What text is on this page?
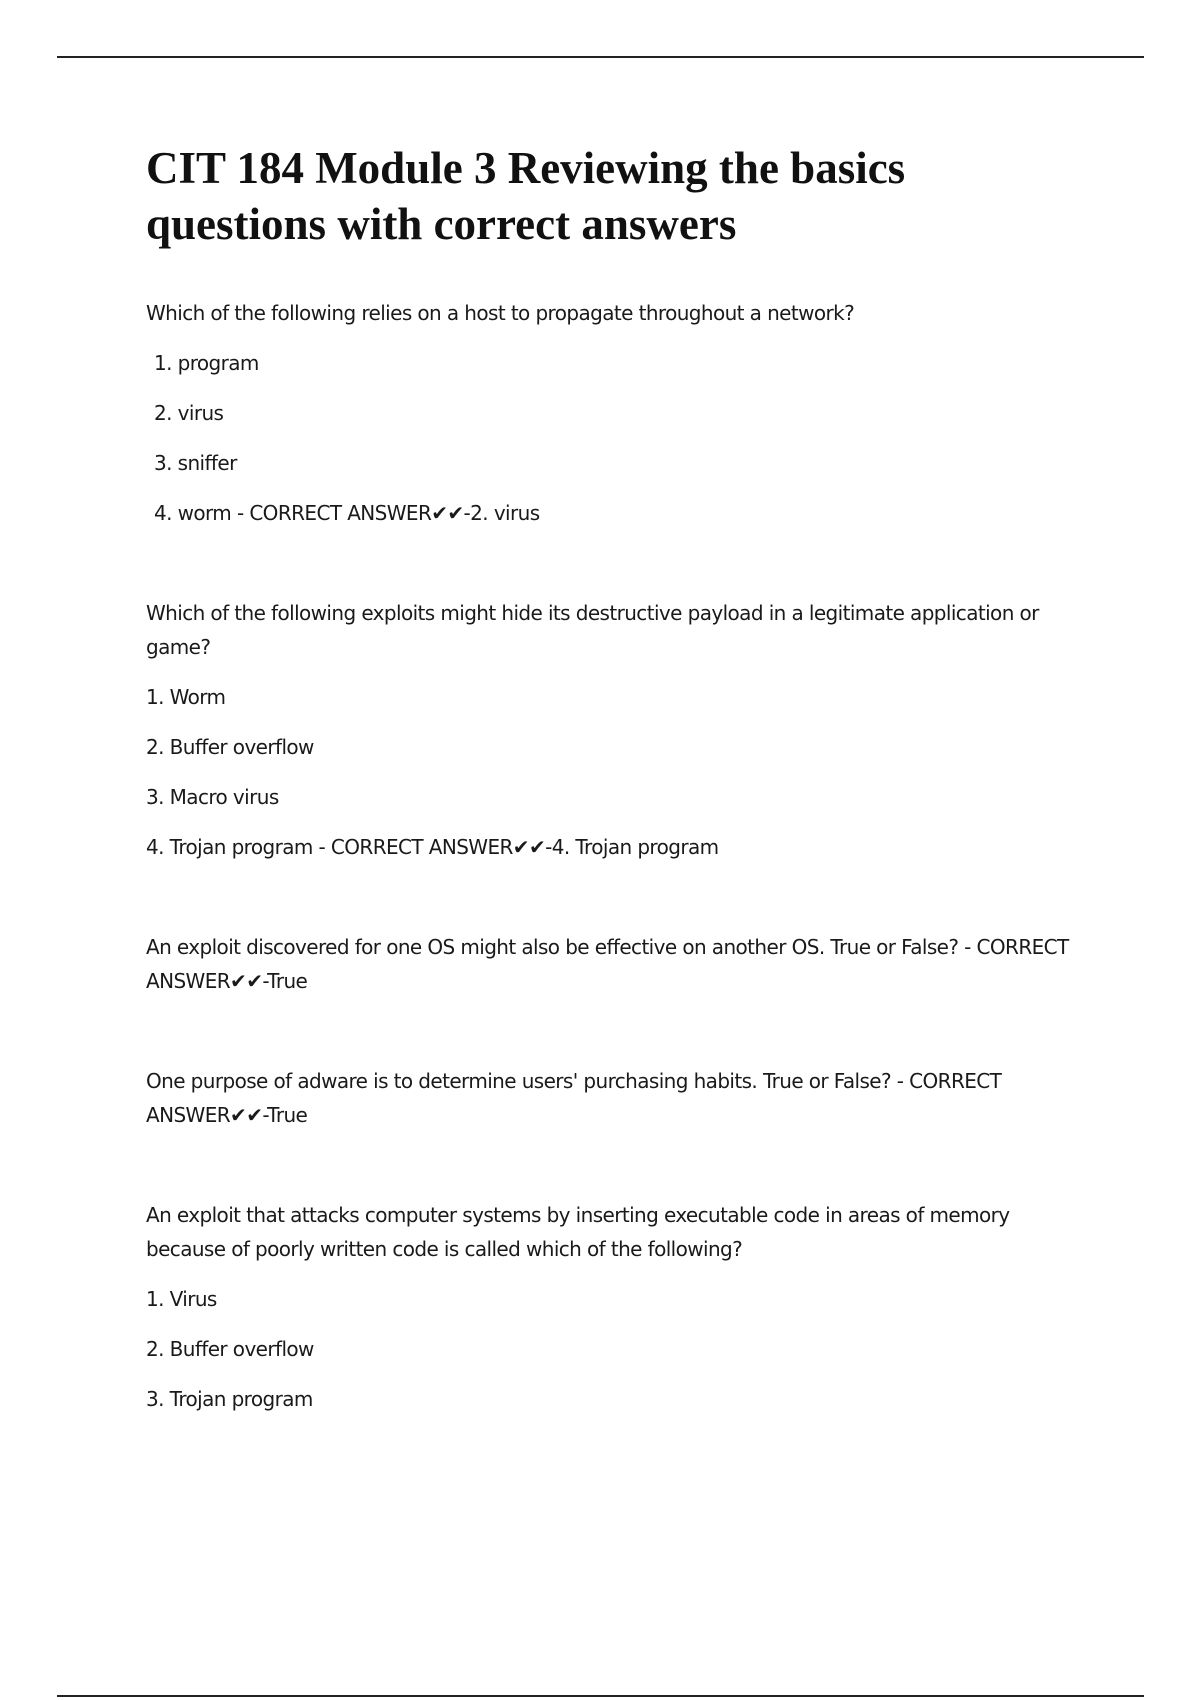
CIT 184 Module 3 Reviewing the basics questions with correct answers

Which of the following relies on a host to propagate throughout a network?

1. program

2. virus

3. sniffer

4. worm - CORRECT ANSWER✔✔-2. virus

Which of the following exploits might hide its destructive payload in a legitimate application or game?

1. Worm

2. Buffer overflow

3. Macro virus

4. Trojan program - CORRECT ANSWER✔✔-4. Trojan program

An exploit discovered for one OS might also be effective on another OS. True or False? - CORRECT ANSWER✔✔-True

One purpose of adware is to determine users' purchasing habits. True or False? - CORRECT ANSWER✔✔-True

An exploit that attacks computer systems by inserting executable code in areas of memory because of poorly written code is called which of the following?

1. Virus

2. Buffer overflow

3. Trojan program
